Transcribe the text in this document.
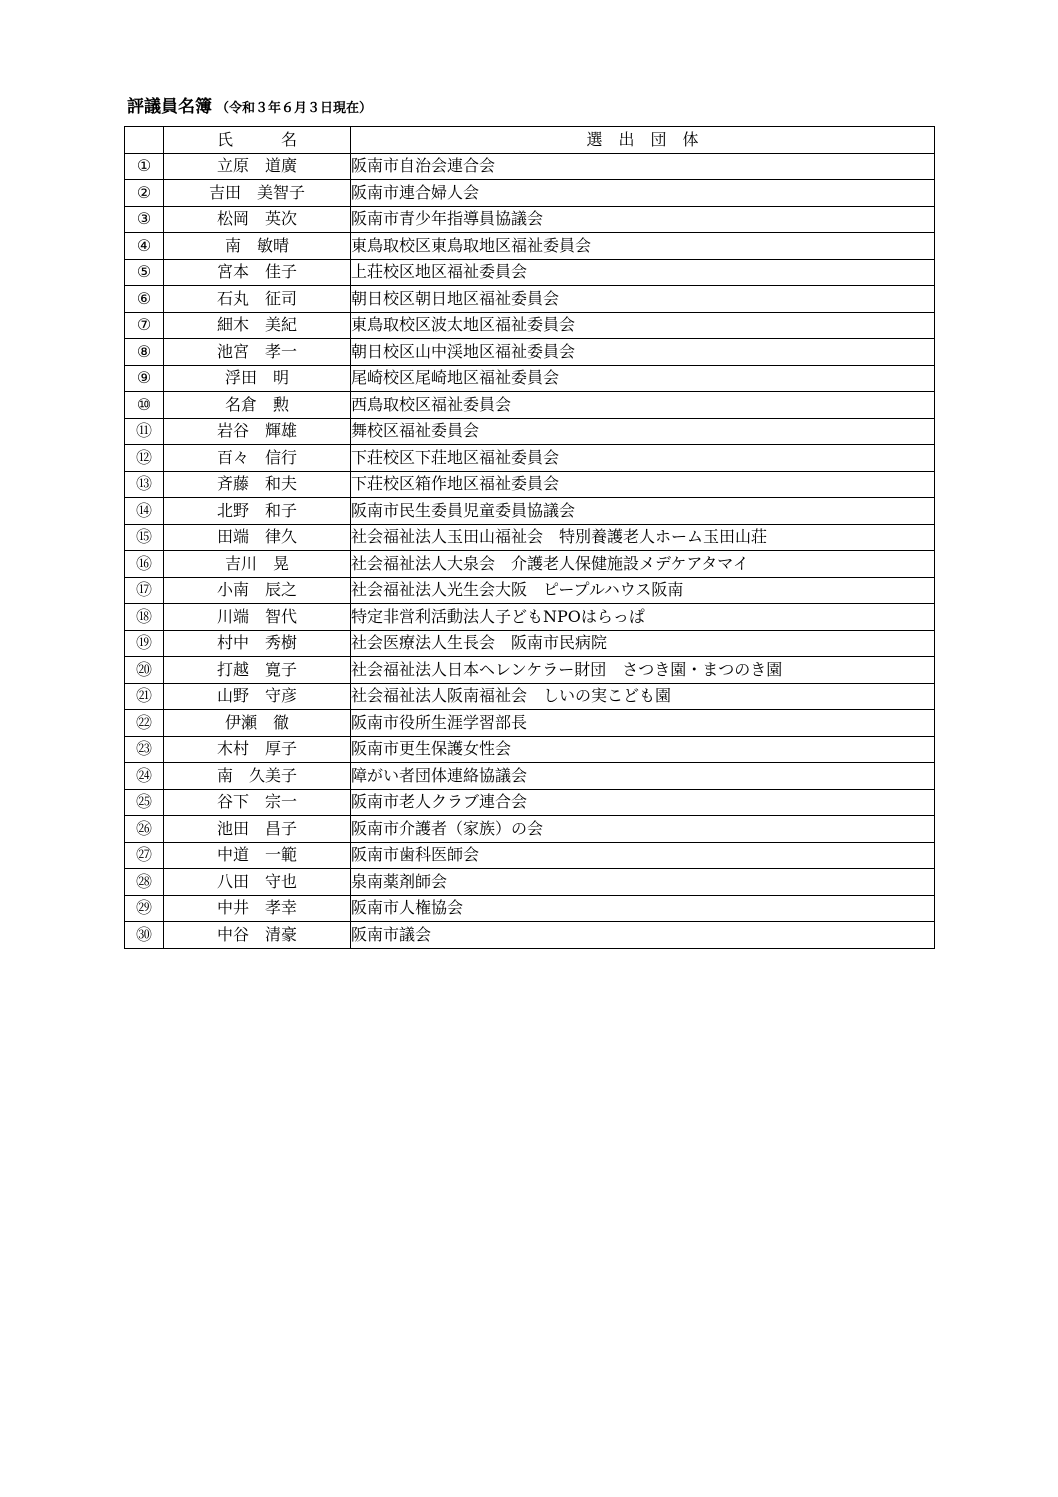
評議員名簿 （令和３年６月３日現在）
	氏　　　名	選　出　団　体
①	立原　道廣	阪南市自治会連合会
②	吉田　美智子	阪南市連合婦人会
③	松岡　英次	阪南市青少年指導員協議会
④	南　敏晴	東鳥取校区東鳥取地区福祉委員会
⑤	宮本　佳子	上荘校区地区福祉委員会
⑥	石丸　征司	朝日校区朝日地区福祉委員会
⑦	細木　美紀	東鳥取校区波太地区福祉委員会
⑧	池宮　孝一	朝日校区山中渓地区福祉委員会
⑨	浮田　明	尾崎校区尾崎地区福祉委員会
⑩	名倉　勲	西鳥取校区福祉委員会
⑪	岩谷　輝雄	舞校区福祉委員会
⑫	百々　信行	下荘校区下荘地区福祉委員会
⑬	斉藤　和夫	下荘校区箱作地区福祉委員会
⑭	北野　和子	阪南市民生委員児童委員協議会
⑮	田端　律久	社会福祉法人玉田山福祉会　特別養護老人ホーム玉田山荘
⑯	吉川　晃	社会福祉法人大泉会　介護老人保健施設メデケアタマイ
⑰	小南　辰之	社会福祉法人光生会大阪　ピープルハウス阪南
⑱	川端　智代	特定非営利活動法人子どもNPOはらっぱ
⑲	村中　秀樹	社会医療法人生長会　阪南市民病院
⑳	打越　寛子	社会福祉法人日本ヘレンケラー財団　さつき園・まつのき園
㉑	山野　守彦	社会福祉法人阪南福祉会　しいの実こども園
㉒	伊瀬　徹	阪南市役所生涯学習部長
㉓	木村　厚子	阪南市更生保護女性会
㉔	南　久美子	障がい者団体連絡協議会
㉕	谷下　宗一	阪南市老人クラブ連合会
㉖	池田　昌子	阪南市介護者（家族）の会
㉗	中道　一範	阪南市歯科医師会
㉘	八田　守也	泉南薬剤師会
㉙	中井　孝幸	阪南市人権協会
㉚	中谷　清豪	阪南市議会
